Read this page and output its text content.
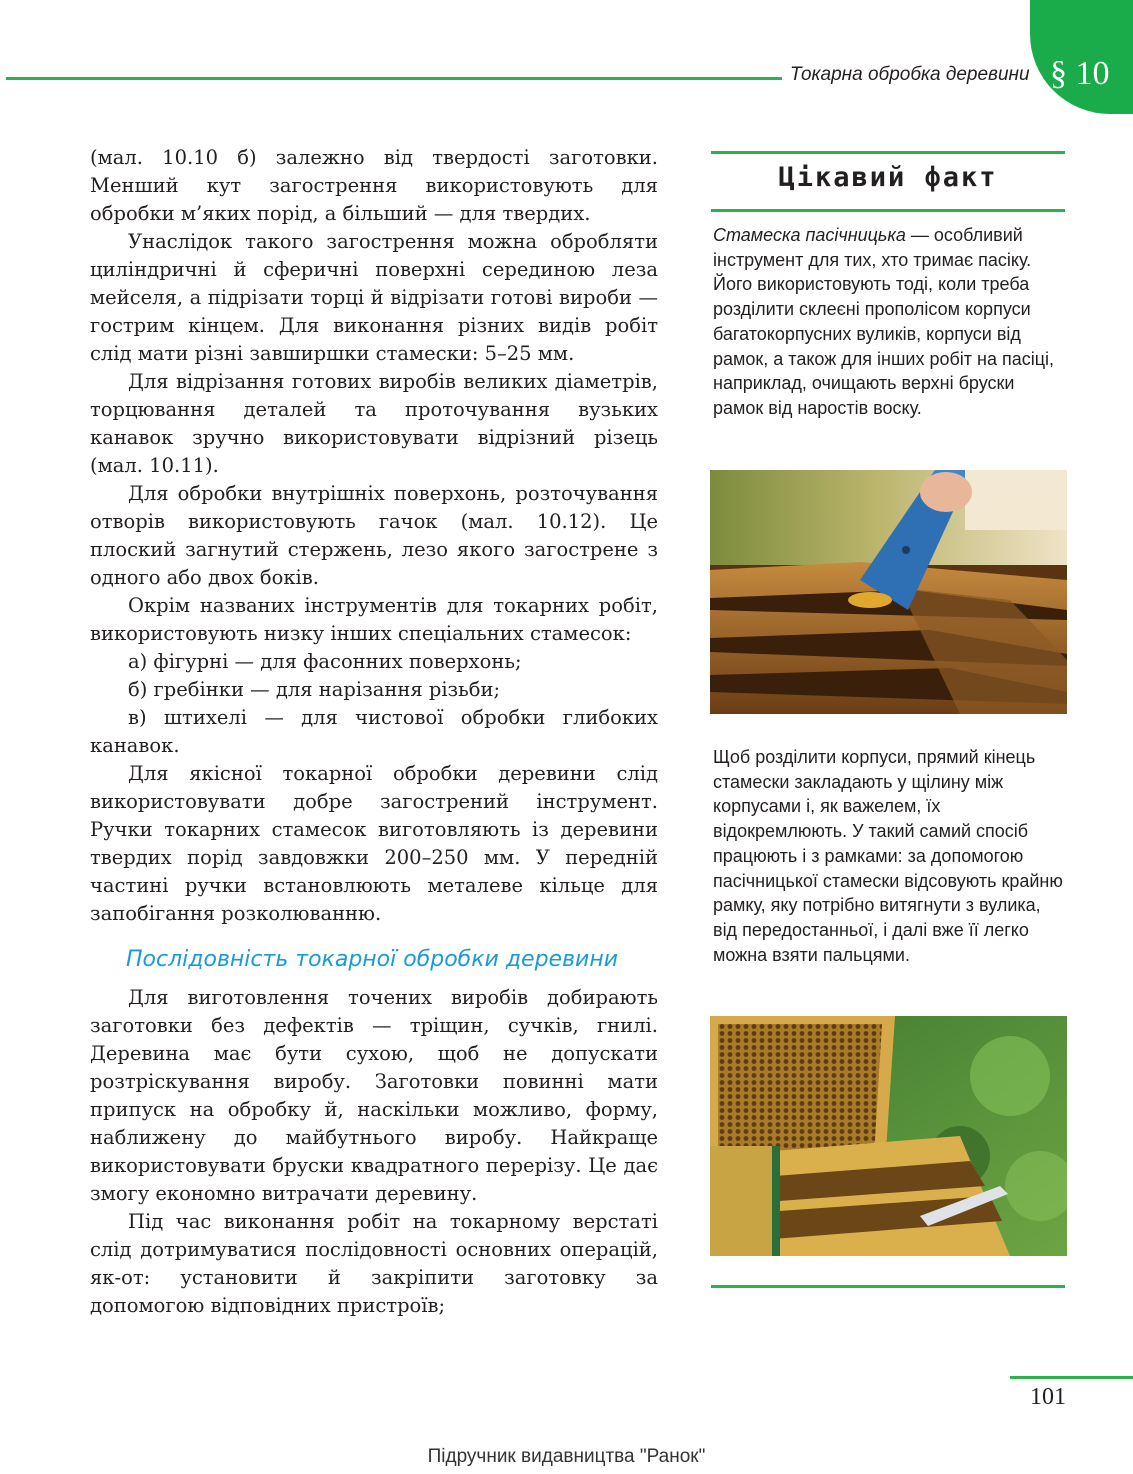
Токарна обробка деревини § 10

(мал. 10.10 б) залежно від твердості заготовки. Менший кут загострення використовують для обробки м’яких порід, а більший — для твердих.

Унаслідок такого загострення можна обробляти циліндричні й сферичні поверхні серединою леза мейселя, а підрізати торці й відрізати готові вироби — гострим кінцем. Для виконання різних видів робіт слід мати різні завширшки стамески: 5–25 мм.

Для відрізання готових виробів великих діаметрів, торцювання деталей та проточування вузьких канавок зручно використовувати відрізний різець (мал. 10.11).

Для обробки внутрішніх поверхонь, розточування отворів використовують гачок (мал. 10.12). Це плоский загнутий стержень, лезо якого загострене з одного або двох боків.

Окрім названих інструментів для токарних робіт, використовують низку інших спеціальних стамесок:

а) фігурні — для фасонних поверхонь;

б) гребінки — для нарізання різьби;

в) штихелі — для чистової обробки глибоких канавок.

Для якісної токарної обробки деревини слід використовувати добре загострений інструмент. Ручки токарних стамесок виготовляють із деревини твердих порід завдовжки 200–250 мм. У передній частині ручки встановлюють металеве кільце для запобігання розколюванню.

Послідовність токарної обробки деревини

Для виготовлення точених виробів добирають заготовки без дефектів — тріщин, сучків, гнилі. Деревина має бути сухою, щоб не допускати розтріскування виробу. Заготовки повинні мати припуск на обробку й, наскільки можливо, форму, наближену до майбутнього виробу. Найкраще використовувати бруски квадратного перерізу. Це дає змогу економно витрачати деревину.

Під час виконання робіт на токарному верстаті слід дотримуватися послідовності основних операцій, як-от: установити й закріпити заготовку за допомогою відповідних пристроїв;

Цікавий факт

Стамеска пасічницька — особливий інструмент для тих, хто тримає пасіку. Його використовують тоді, коли треба розділити склеєні прополісом корпуси багатокорпусних вуликів, корпуси від рамок, а також для інших робіт на пасіці, наприклад, очищають верхні бруски рамок від наростів воску.

Щоб розділити корпуси, прямий кінець стамески закладають у щілину між корпусами і, як важелем, їх відокремлюють. У такий самий спосіб працюють і з рамками: за допомогою пасічницької стамески відсовують крайню рамку, яку потрібно витягнути з вулика, від передостанньої, і далі вже її легко можна взяти пальцями.

101
Підручник видавництва "Ранок"
